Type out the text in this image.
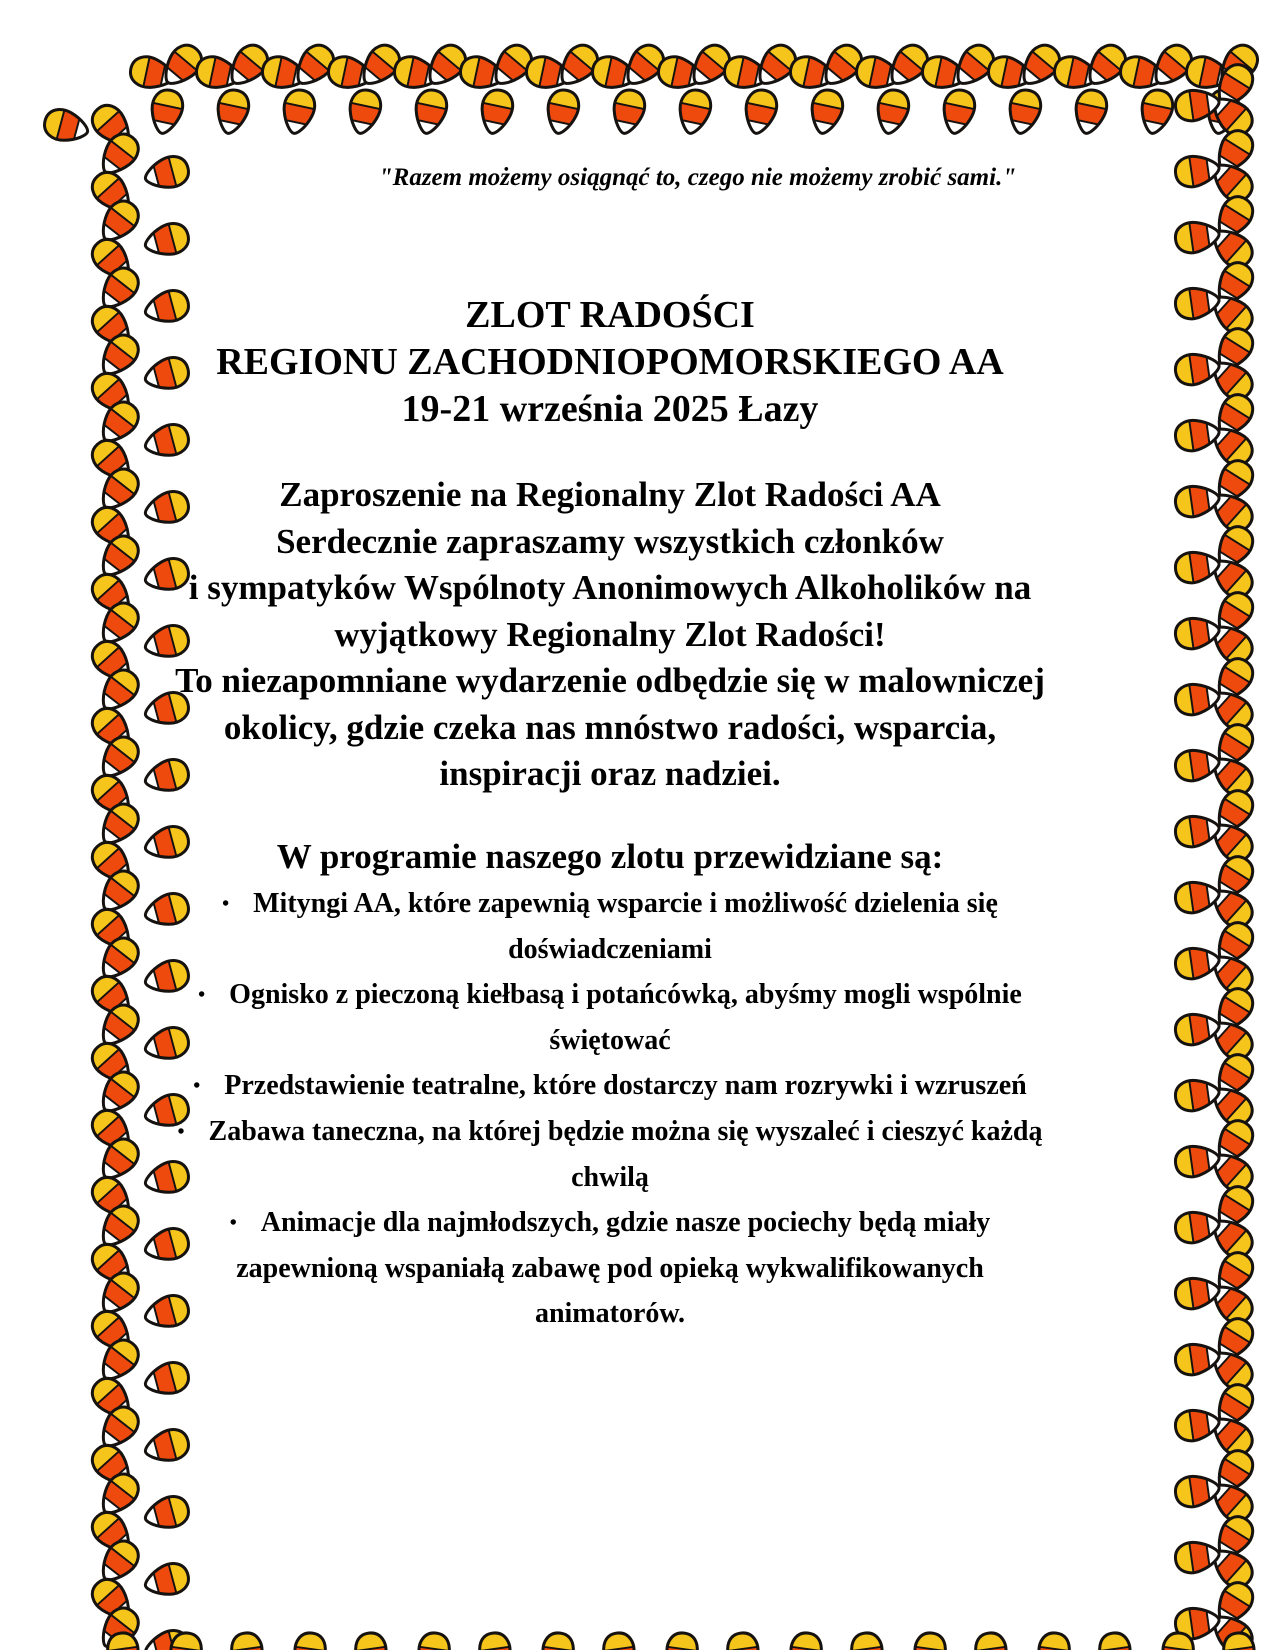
"Razem możemy osiągnąć to, czego nie możemy zrobić sami."
ZLOT RADOŚCI
REGIONU ZACHODNIOPOMORSKIEGO AA
19-21 września 2025 Łazy
Zaproszenie na Regionalny Zlot Radości AA
Serdecznie zapraszamy wszystkich członków
i sympatyków Wspólnoty Anonimowych Alkoholików na
wyjątkowy Regionalny Zlot Radości!
To niezapomniane wydarzenie odbędzie się w malowniczej
okolicy, gdzie czeka nas mnóstwo radości, wsparcia,
inspiracji oraz nadziei.
W programie naszego zlotu przewidziane są:
• Mityngi AA, które zapewnią wsparcie i możliwość dzielenia się
doświadczeniami
• Ognisko z pieczoną kiełbasą i potańcówką, abyśmy mogli wspólnie
świętować
• Przedstawienie teatralne, które dostarczy nam rozrywki i wzruszeń
• Zabawa taneczna, na której będzie można się wyszaleć i cieszyć każdą
chwilą
• Animacje dla najmłodszych, gdzie nasze pociechy będą miały
zapewnioną wspaniałą zabawę pod opieką wykwalifikowanych
animatorów.
